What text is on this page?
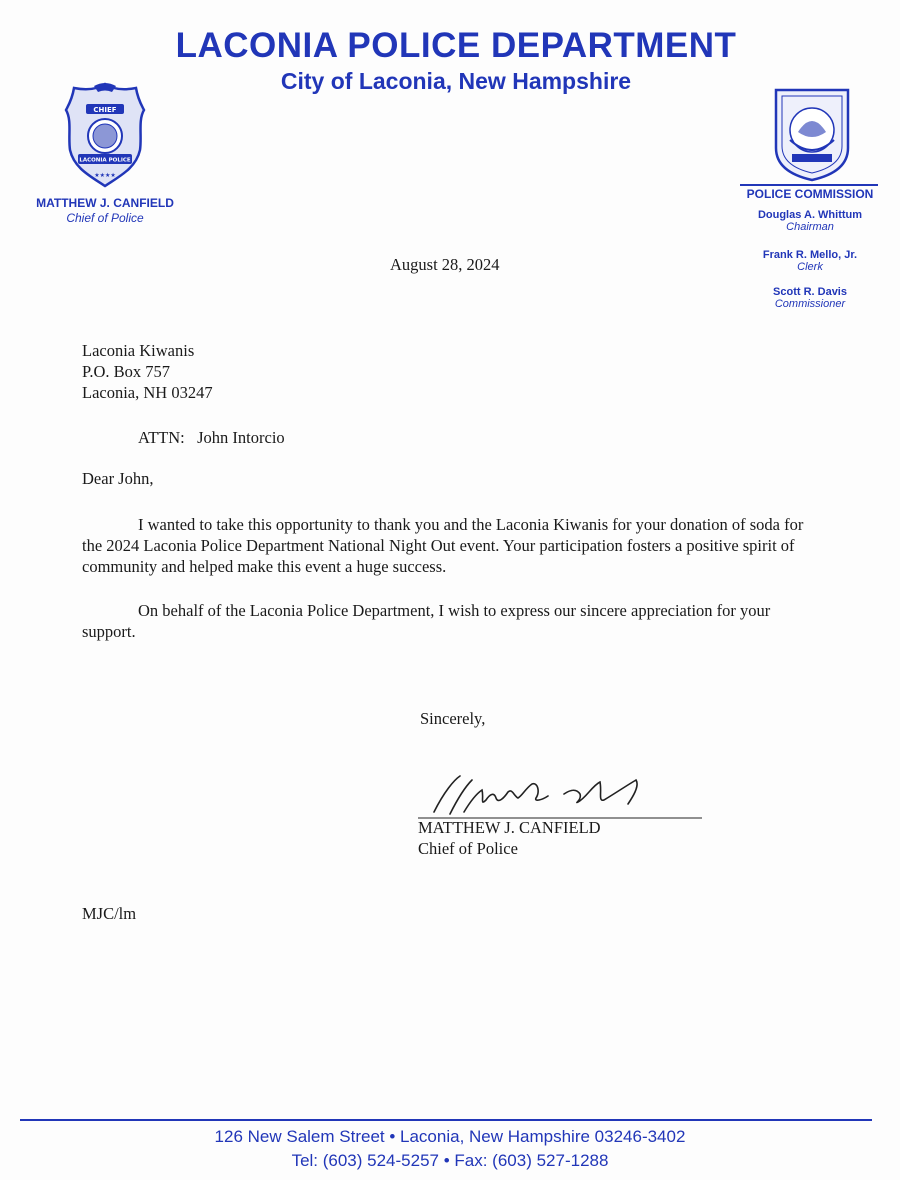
LACONIA POLICE DEPARTMENT
City of Laconia, New Hampshire
CHIEF
LACONIA POLICE
★★★★
MATTHEW J. CANFIELD
Chief of Police
POLICE COMMISSION
Douglas A. Whittum
Chairman
Frank R. Mello, Jr.
Clerk
Scott R. Davis
Commissioner
August 28, 2024
Laconia Kiwanis
P.O. Box 757
Laconia, NH 03247
ATTN: John Intorcio
Dear John,

I wanted to take this opportunity to thank you and the Laconia Kiwanis for your donation of soda for the 2024 Laconia Police Department National Night Out event. Your participation fosters a positive spirit of community and helped make this event a huge success.

On behalf of the Laconia Police Department, I wish to express our sincere appreciation for your support.

Sincerely,
MATTHEW J. CANFIELD
Chief of Police
MJC/lm
126 New Salem Street • Laconia, New Hampshire 03246-3402
Tel: (603) 524-5257 • Fax: (603) 527-1288
